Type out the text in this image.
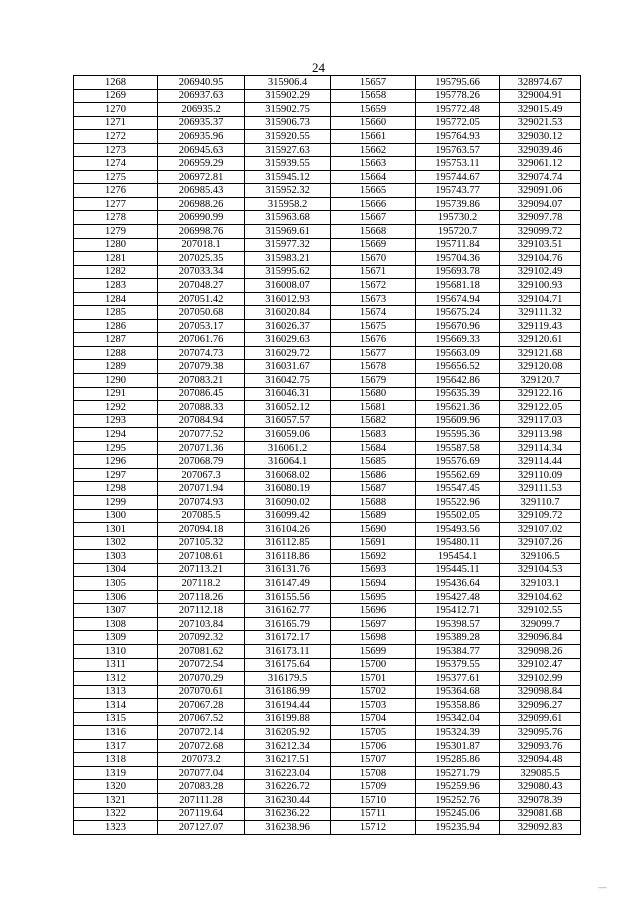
24
1268	206940.95	315906.4	15657	195795.66	328974.67
1269	206937.63	315902.29	15658	195778.26	329004.91
1270	206935.2	315902.75	15659	195772.48	329015.49
1271	206935.37	315906.73	15660	195772.05	329021.53
1272	206935.96	315920.55	15661	195764.93	329030.12
1273	206945.63	315927.63	15662	195763.57	329039.46
1274	206959.29	315939.55	15663	195753.11	329061.12
1275	206972.81	315945.12	15664	195744.67	329074.74
1276	206985.43	315952.32	15665	195743.77	329091.06
1277	206988.26	315958.2	15666	195739.86	329094.07
1278	206990.99	315963.68	15667	195730.2	329097.78
1279	206998.76	315969.61	15668	195720.7	329099.72
1280	207018.1	315977.32	15669	195711.84	329103.51
1281	207025.35	315983.21	15670	195704.36	329104.76
1282	207033.34	315995.62	15671	195693.78	329102.49
1283	207048.27	316008.07	15672	195681.18	329100.93
1284	207051.42	316012.93	15673	195674.94	329104.71
1285	207050.68	316020.84	15674	195675.24	329111.32
1286	207053.17	316026.37	15675	195670.96	329119.43
1287	207061.76	316029.63	15676	195669.33	329120.61
1288	207074.73	316029.72	15677	195663.09	329121.68
1289	207079.38	316031.67	15678	195656.52	329120.08
1290	207083.21	316042.75	15679	195642.86	329120.7
1291	207086.45	316046.31	15680	195635.39	329122.16
1292	207088.33	316052.12	15681	195621.36	329122.05
1293	207084.94	316057.57	15682	195609.96	329117.03
1294	207077.52	316059.06	15683	195595.36	329113.98
1295	207071.36	316061.2	15684	195587.58	329114.34
1296	207068.79	316064.1	15685	195576.69	329114.44
1297	207067.3	316068.02	15686	195562.69	329110.09
1298	207071.94	316080.19	15687	195547.45	329111.53
1299	207074.93	316090.02	15688	195522.96	329110.7
1300	207085.5	316099.42	15689	195502.05	329109.72
1301	207094.18	316104.26	15690	195493.56	329107.02
1302	207105.32	316112.85	15691	195480.11	329107.26
1303	207108.61	316118.86	15692	195454.1	329106.5
1304	207113.21	316131.76	15693	195445.11	329104.53
1305	207118.2	316147.49	15694	195436.64	329103.1
1306	207118.26	316155.56	15695	195427.48	329104.62
1307	207112.18	316162.77	15696	195412.71	329102.55
1308	207103.84	316165.79	15697	195398.57	329099.7
1309	207092.32	316172.17	15698	195389.28	329096.84
1310	207081.62	316173.11	15699	195384.77	329098.26
1311	207072.54	316175.64	15700	195379.55	329102.47
1312	207070.29	316179.5	15701	195377.61	329102.99
1313	207070.61	316186.99	15702	195364.68	329098.84
1314	207067.28	316194.44	15703	195358.86	329096.27
1315	207067.52	316199.88	15704	195342.04	329099.61
1316	207072.14	316205.92	15705	195324.39	329095.76
1317	207072.68	316212.34	15706	195301.87	329093.76
1318	207073.2	316217.51	15707	195285.86	329094.48
1319	207077.04	316223.04	15708	195271.79	329085.5
1320	207083.28	316226.72	15709	195259.96	329080.43
1321	207111.28	316230.44	15710	195252.76	329078.39
1322	207119.64	316236.22	15711	195245.06	329081.68
1323	207127.07	316238.96	15712	195235.94	329092.83
—
